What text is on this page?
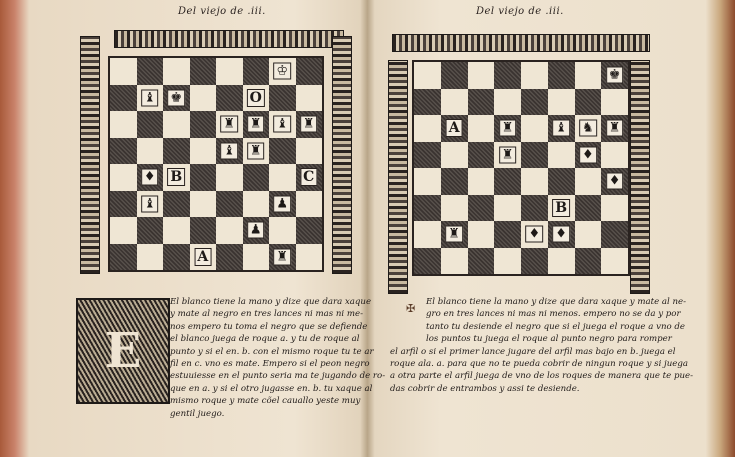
Del viejo de .iii.
♔
♝ ♚	O
♜ ♜ ♝ ♜
♝ ♜
♦ B	C
♝	♟
♟
A	♜
E
El blanco tiene la mano y dize que dara xaque
y mate al negro en tres lances ni mas ni me-
nos empero tu toma el negro que se defiende
el blanco juega de roque a. y tu de roque al
punto y si el en. b. con el mismo roque tu te ar
fil en c. vno es mate. Empero si el peon negro
estuuiesse en el punto seria ma te jugando de ro-
que en a. y si el otro jugasse en. b. tu xaque al
mismo roque y mate cõel cauallo yeste muy
gentil juego.
Del viejo de .iii.
♚
A	♜	♝ ♞ ♜
♜	♦
♦
B
♜	♦ ♦
✠	El blanco tiene la mano y dize que dara xaque y mate al ne-
gro en tres lances ni mas ni menos. empero no se da y por
tanto tu desiende el negro que si el juega el roque a vno de
los puntos tu juega el roque al punto negro para romper
el arfil o si el primer lance jugare del arfil mas bajo en b. juega el
roque ala. a. para que no te pueda cobrir de ningun roque y si juega
a otra parte el arfil juega de vno de los roques de manera que te pue-
das cobrir de entrambos y assi te desiende.
